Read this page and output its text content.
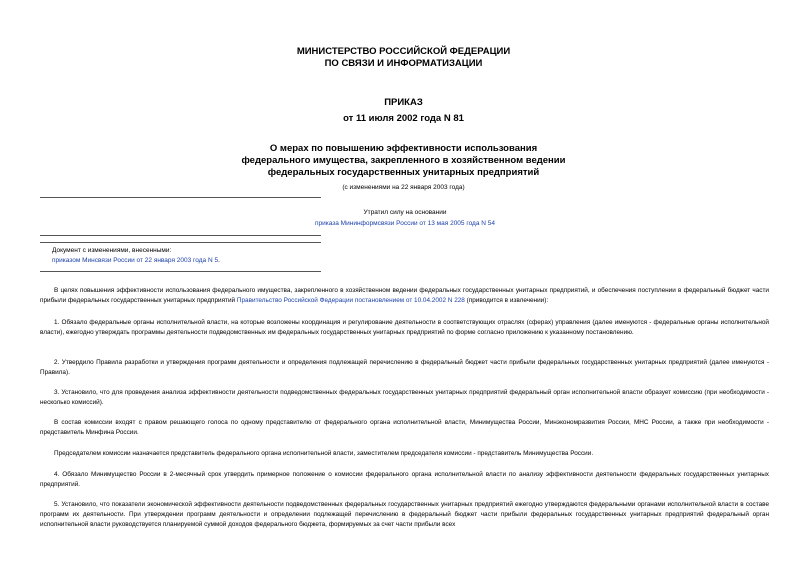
МИНИСТЕРСТВО РОССИЙСКОЙ ФЕДЕРАЦИИ
ПО СВЯЗИ И ИНФОРМАТИЗАЦИИ
ПРИКАЗ
от 11 июля 2002 года N 81
О мерах по повышению эффективности использования
федерального имущества, закрепленного в хозяйственном ведении
федеральных государственных унитарных предприятий
(с изменениями на 22 января 2003 года)
Утратил силу на основании
приказа Мининформсвязи России от 13 мая 2005 года N 54
Документ с изменениями, внесенными:
приказом Минсвязи России от 22 января 2003 года N 5.

В целях повышения эффективности использования федерального имущества, закрепленного в хозяйственном ведении федеральных государственных унитарных предприятий, и обеспечения поступлении в федеральный бюджет части прибыли федеральных государственных унитарных предприятий Правительство Российской Федерации постановлением от 10.04.2002 N 228 (приводится в извлечении):

1. Обязало федеральные органы исполнительной власти, на которые возложены координация и регулирование деятельности в соответствующих отраслях (сферах) управления (далее именуются - федеральные органы исполнительной власти), ежегодно утверждать программы деятельности подведомственных им федеральных государственных унитарных предприятий по форме согласно приложению к указанному постановлению.
2. Утвердило Правила разработки и утверждения программ деятельности и определения подлежащей перечислению в федеральный бюджет части прибыли федеральных государственных унитарных предприятий (далее именуются - Правила).
3. Установило, что для проведения анализа эффективности деятельности подведомственных федеральных государственных унитарных предприятий федеральный орган исполнительной власти образует комиссию (при необходимости - несколько комиссий).
В состав комиссии входят с правом решающего голоса по одному представителю от федерального органа исполнительной власти, Минимущества России, Минэкономразвития России, МНС России, а также при необходимости - представитель Минфина России.
Председателем комиссии назначается представитель федерального органа исполнительной власти, заместителем председателя комиссии - представитель Минимущества России.
4. Обязало Минимущество России в 2-месячный срок утвердить примерное положение о комиссии федерального органа исполнительной власти по анализу эффективности деятельности федеральных государственных унитарных предприятий.
5. Установило, что показатели экономической эффективности деятельности подведомственных федеральных государственных унитарных предприятий ежегодно утверждаются федеральными органами исполнительной власти в составе программ их деятельности. При утверждении программ деятельности и определении подлежащей перечислению в федеральный бюджет части прибыли федеральных государственных унитарных предприятий федеральный орган исполнительной власти руководствуется планируемой суммой доходов федерального бюджета, формируемых за счет части прибыли всех
